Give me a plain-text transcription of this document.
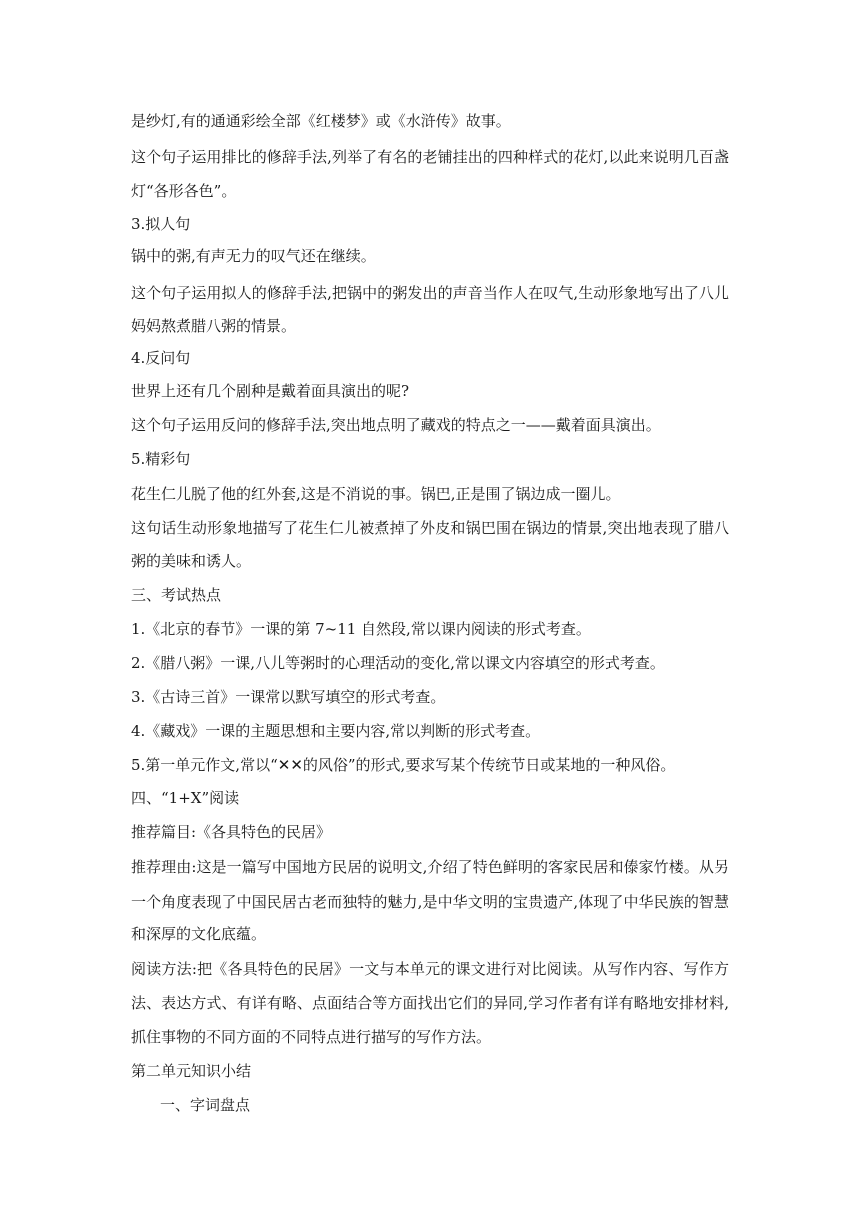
是纱灯,有的通通彩绘全部《红楼梦》或《水浒传》故事。
这个句子运用排比的修辞手法,列举了有名的老铺挂出的四种样式的花灯,以此来说明几百盏
灯“各形各色”。
3.拟人句
锅中的粥,有声无力的叹气还在继续。
这个句子运用拟人的修辞手法,把锅中的粥发出的声音当作人在叹气,生动形象地写出了八儿
妈妈熬煮腊八粥的情景。
4.反问句
世界上还有几个剧种是戴着面具演出的呢?
这个句子运用反问的修辞手法,突出地点明了藏戏的特点之一——戴着面具演出。
5.精彩句
花生仁儿脱了他的红外套,这是不消说的事。锅巴,正是围了锅边成一圈儿。
这句话生动形象地描写了花生仁儿被煮掉了外皮和锅巴围在锅边的情景,突出地表现了腊八
粥的美味和诱人。
三、考试热点
1.《北京的春节》一课的第 7~11 自然段,常以课内阅读的形式考查。
2.《腊八粥》一课,八儿等粥时的心理活动的变化,常以课文内容填空的形式考查。
3.《古诗三首》一课常以默写填空的形式考查。
4.《藏戏》一课的主题思想和主要内容,常以判断的形式考查。
5.第一单元作文,常以“✕✕的风俗”的形式,要求写某个传统节日或某地的一种风俗。
四、“1+X”阅读
推荐篇目:《各具特色的民居》
推荐理由:这是一篇写中国地方民居的说明文,介绍了特色鲜明的客家民居和傣家竹楼。从另
一个角度表现了中国民居古老而独特的魅力,是中华文明的宝贵遗产,体现了中华民族的智慧
和深厚的文化底蕴。
阅读方法:把《各具特色的民居》一文与本单元的课文进行对比阅读。从写作内容、写作方
法、表达方式、有详有略、点面结合等方面找出它们的异同,学习作者有详有略地安排材料,
抓住事物的不同方面的不同特点进行描写的写作方法。
第二单元知识小结
一、字词盘点
